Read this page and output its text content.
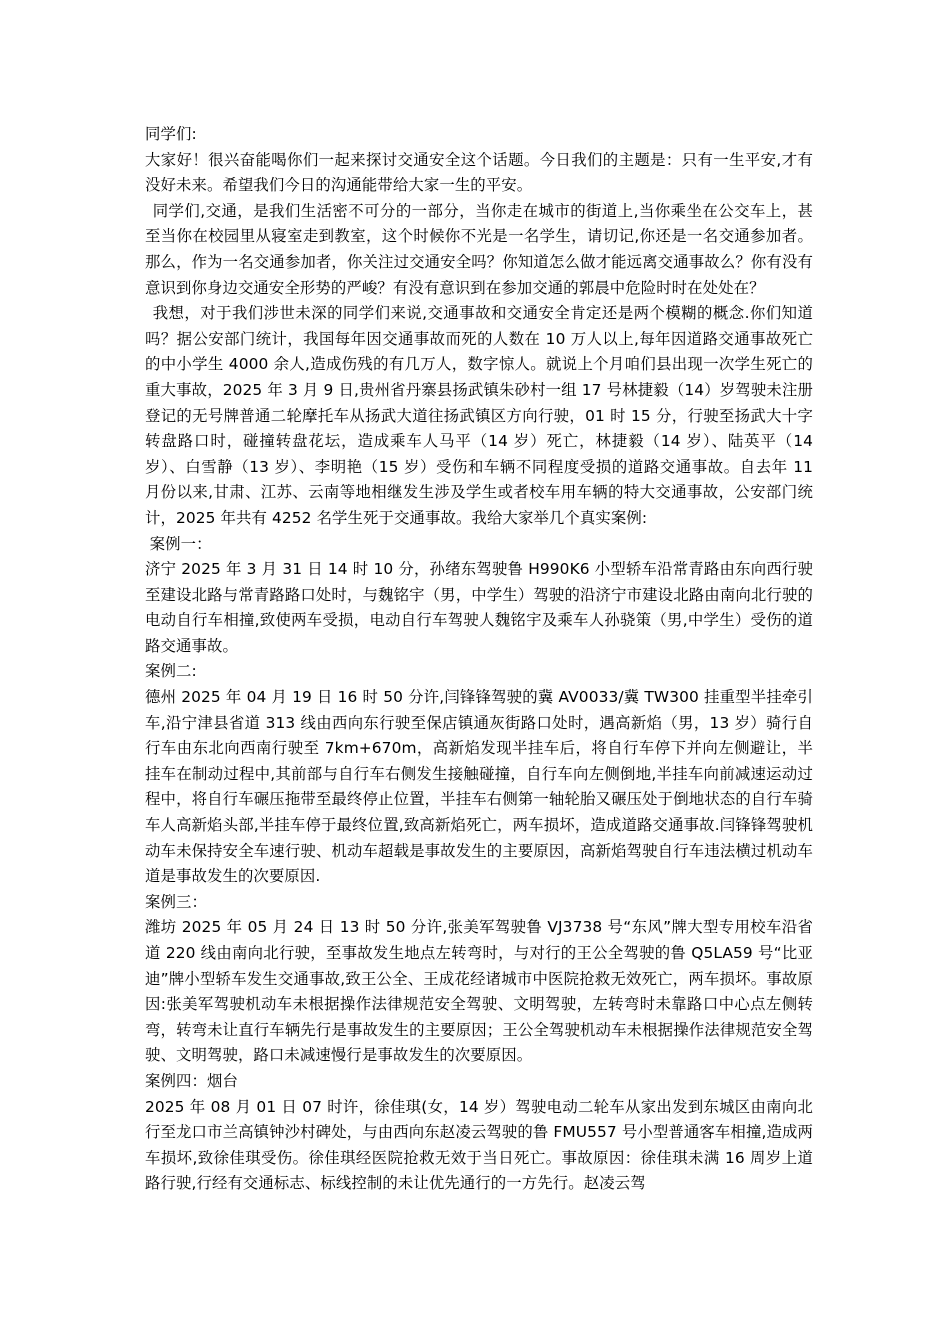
同学们:

大家好！很兴奋能喝你们一起来探讨交通安全这个话题。今日我们的主题是：只有一生平安,才有没好未来。希望我们今日的沟通能带给大家一生的平安。

同学们,交通，是我们生活密不可分的一部分，当你走在城市的街道上,当你乘坐在公交车上，甚至当你在校园里从寝室走到教室，这个时候你不光是一名学生，请切记,你还是一名交通参加者。那么，作为一名交通参加者，你关注过交通安全吗？你知道怎么做才能远离交通事故么？你有没有意识到你身边交通安全形势的严峻？有没有意识到在参加交通的郭晨中危险时时在处处在？

我想，对于我们涉世未深的同学们来说,交通事故和交通安全肯定还是两个模糊的概念.你们知道吗？据公安部门统计，我国每年因交通事故而死的人数在 10 万人以上,每年因道路交通事故死亡的中小学生 4000 余人,造成伤残的有几万人，数字惊人。就说上个月咱们县出现一次学生死亡的重大事故，2025 年 3 月 9 日,贵州省丹寨县扬武镇朱砂村一组 17 号林捷毅（14）岁驾驶未注册登记的无号牌普通二轮摩托车从扬武大道往扬武镇区方向行驶，01 时 15 分，行驶至扬武大十字转盘路口时，碰撞转盘花坛，造成乘车人马平（14 岁）死亡，林捷毅（14 岁）、陆英平（14 岁）、白雪静（13 岁）、李明艳（15 岁）受伤和车辆不同程度受损的道路交通事故。自去年 11 月份以来,甘肃、江苏、云南等地相继发生涉及学生或者校车用车辆的特大交通事故，公安部门统计，2025 年共有 4252 名学生死于交通事故。我给大家举几个真实案例:

案例一：

济宁 2025 年 3 月 31 日 14 时 10 分，孙绪东驾驶鲁 H990K6 小型轿车沿常青路由东向西行驶至建设北路与常青路路口处时，与魏铭宇（男，中学生）驾驶的沿济宁市建设北路由南向北行驶的电动自行车相撞,致使两车受损，电动自行车驾驶人魏铭宇及乘车人孙骁策（男,中学生）受伤的道路交通事故。

案例二:

德州 2025 年 04 月 19 日 16 时 50 分许,闫锋锋驾驶的冀 AV0033/冀 TW300 挂重型半挂牵引车,沿宁津县省道 313 线由西向东行驶至保店镇通灰街路口处时，遇高新焰（男，13 岁）骑行自行车由东北向西南行驶至 7km+670m，高新焰发现半挂车后，将自行车停下并向左侧避让，半挂车在制动过程中,其前部与自行车右侧发生接触碰撞，自行车向左侧倒地,半挂车向前减速运动过程中，将自行车碾压拖带至最终停止位置，半挂车右侧第一轴轮胎又碾压处于倒地状态的自行车骑车人高新焰头部,半挂车停于最终位置,致高新焰死亡，两车损坏，造成道路交通事故.闫锋锋驾驶机动车未保持安全车速行驶、机动车超载是事故发生的主要原因，高新焰驾驶自行车违法横过机动车道是事故发生的次要原因.

案例三：

潍坊 2025 年 05 月 24 日 13 时 50 分许,张美军驾驶鲁 VJ3738 号“东风”牌大型专用校车沿省道 220 线由南向北行驶，至事故发生地点左转弯时，与对行的王公全驾驶的鲁 Q5LA59 号“比亚迪”牌小型轿车发生交通事故,致王公全、王成花经诸城市中医院抢救无效死亡，两车损坏。事故原因:张美军驾驶机动车未根据操作法律规范安全驾驶、文明驾驶，左转弯时未靠路口中心点左侧转弯，转弯未让直行车辆先行是事故发生的主要原因；王公全驾驶机动车未根据操作法律规范安全驾驶、文明驾驶，路口未减速慢行是事故发生的次要原因。

案例四：烟台

2025 年 08 月 01 日 07 时许，徐佳琪(女，14 岁）驾驶电动二轮车从家出发到东城区由南向北行至龙口市兰高镇钟沙村碑处，与由西向东赵凌云驾驶的鲁 FMU557 号小型普通客车相撞,造成两车损坏,致徐佳琪受伤。徐佳琪经医院抢救无效于当日死亡。事故原因：徐佳琪未满 16 周岁上道路行驶,行经有交通标志、标线控制的未让优先通行的一方先行。赵凌云驾
